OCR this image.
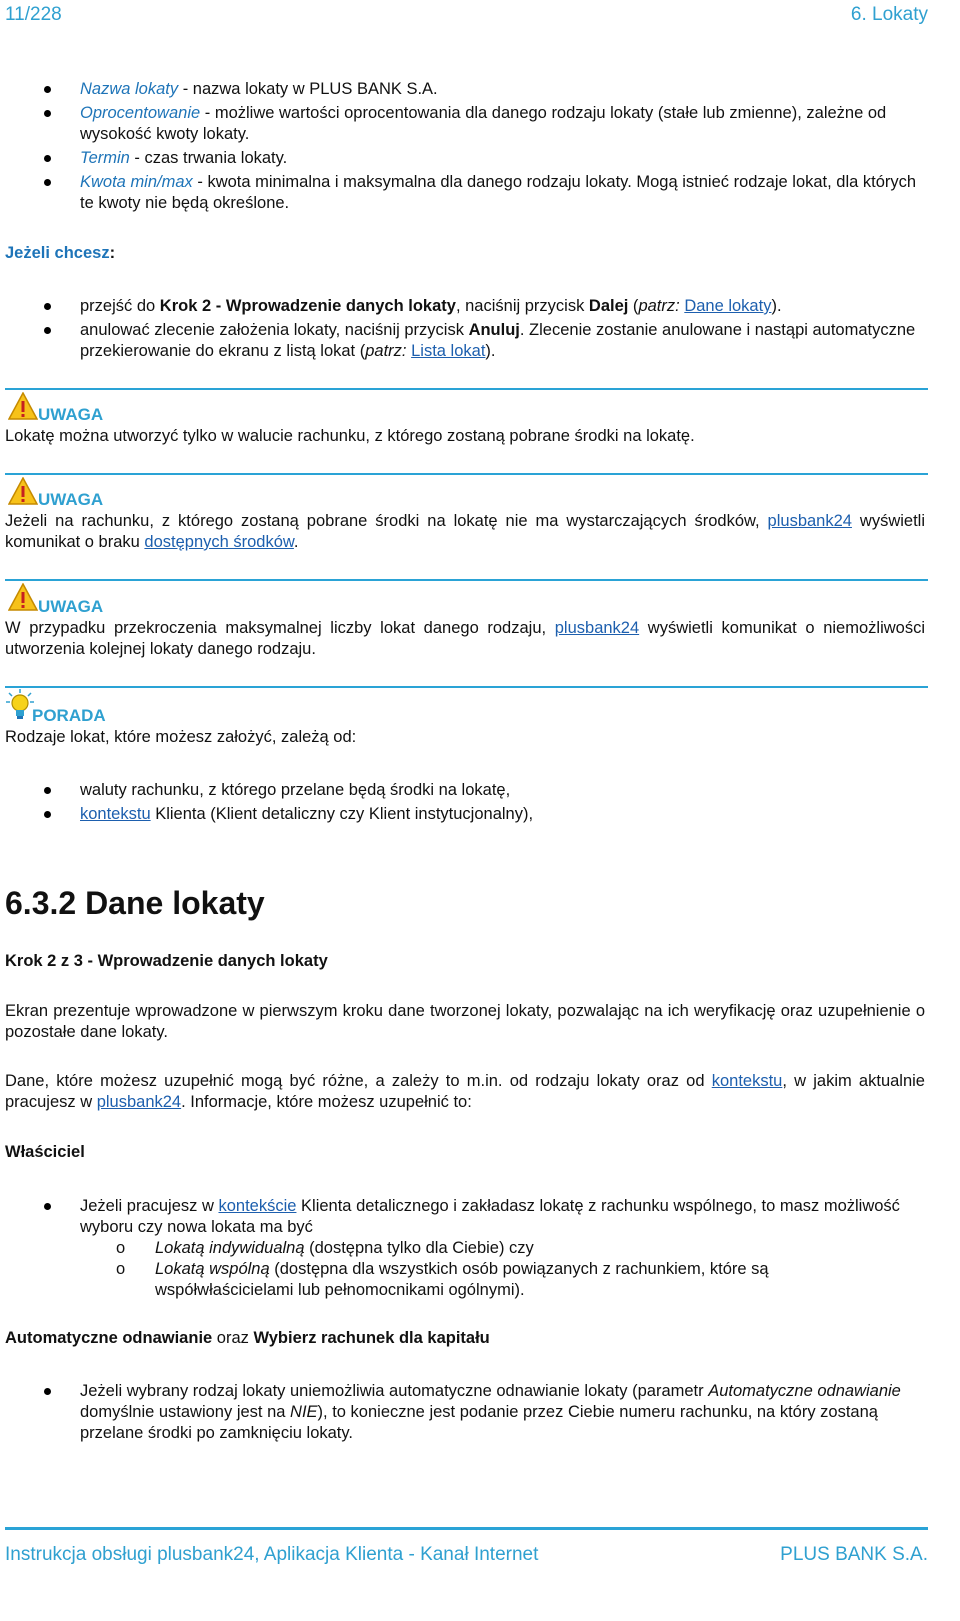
11/228	6. Lokaty
Nazwa lokaty - nazwa lokaty w PLUS BANK S.A.
Oprocentowanie - możliwe wartości oprocentowania dla danego rodzaju lokaty (stałe lub zmienne), zależne od wysokość kwoty lokaty.
Termin - czas trwania lokaty.
Kwota min/max - kwota minimalna i maksymalna dla danego rodzaju lokaty. Mogą istnieć rodzaje lokat, dla których te kwoty nie będą określone.
Jeżeli chcesz:
przejść do Krok 2 - Wprowadzenie danych lokaty, naciśnij przycisk Dalej (patrz: Dane lokaty).
anulować zlecenie założenia lokaty, naciśnij przycisk Anuluj. Zlecenie zostanie anulowane i nastąpi automatyczne przekierowanie do ekranu z listą lokat (patrz: Lista lokat).
UWAGA
Lokatę można utworzyć tylko w walucie rachunku, z którego zostaną pobrane środki na lokatę.
UWAGA
Jeżeli na rachunku, z którego zostaną pobrane środki na lokatę nie ma wystarczających środków, plusbank24 wyświetli komunikat o braku dostępnych środków.
UWAGA
W przypadku przekroczenia maksymalnej liczby lokat danego rodzaju, plusbank24 wyświetli komunikat o niemożliwości utworzenia kolejnej lokaty danego rodzaju.
PORADA
Rodzaje lokat, które możesz założyć, zależą od:
waluty rachunku, z którego przelane będą środki na lokatę,
kontekstu Klienta (Klient detaliczny czy Klient instytucjonalny),
6.3.2 Dane lokaty
Krok 2 z 3 - Wprowadzenie danych lokaty
Ekran prezentuje wprowadzone w pierwszym kroku dane tworzonej lokaty, pozwalając na ich weryfikację oraz uzupełnienie o pozostałe dane lokaty.
Dane, które możesz uzupełnić mogą być różne, a zależy to m.in. od rodzaju lokaty oraz od kontekstu, w jakim aktualnie pracujesz w plusbank24. Informacje, które możesz uzupełnić to:
Właściciel
Jeżeli pracujesz w kontekście Klienta detalicznego i zakładasz lokatę z rachunku wspólnego, to masz możliwość wyboru czy nowa lokata ma być
o Lokatą indywidualną (dostępna tylko dla Ciebie) czy
o Lokatą wspólną (dostępna dla wszystkich osób powiązanych z rachunkiem, które są współwłaścicielami lub pełnomocnikami ogólnymi).
Automatyczne odnawianie oraz Wybierz rachunek dla kapitału
Jeżeli wybrany rodzaj lokaty uniemożliwia automatyczne odnawianie lokaty (parametr Automatyczne odnawianie domyślnie ustawiony jest na NIE), to konieczne jest podanie przez Ciebie numeru rachunku, na który zostaną przelane środki po zamknięciu lokaty.
Instrukcja obsługi plusbank24, Aplikacja Klienta - Kanał Internet	PLUS BANK S.A.
